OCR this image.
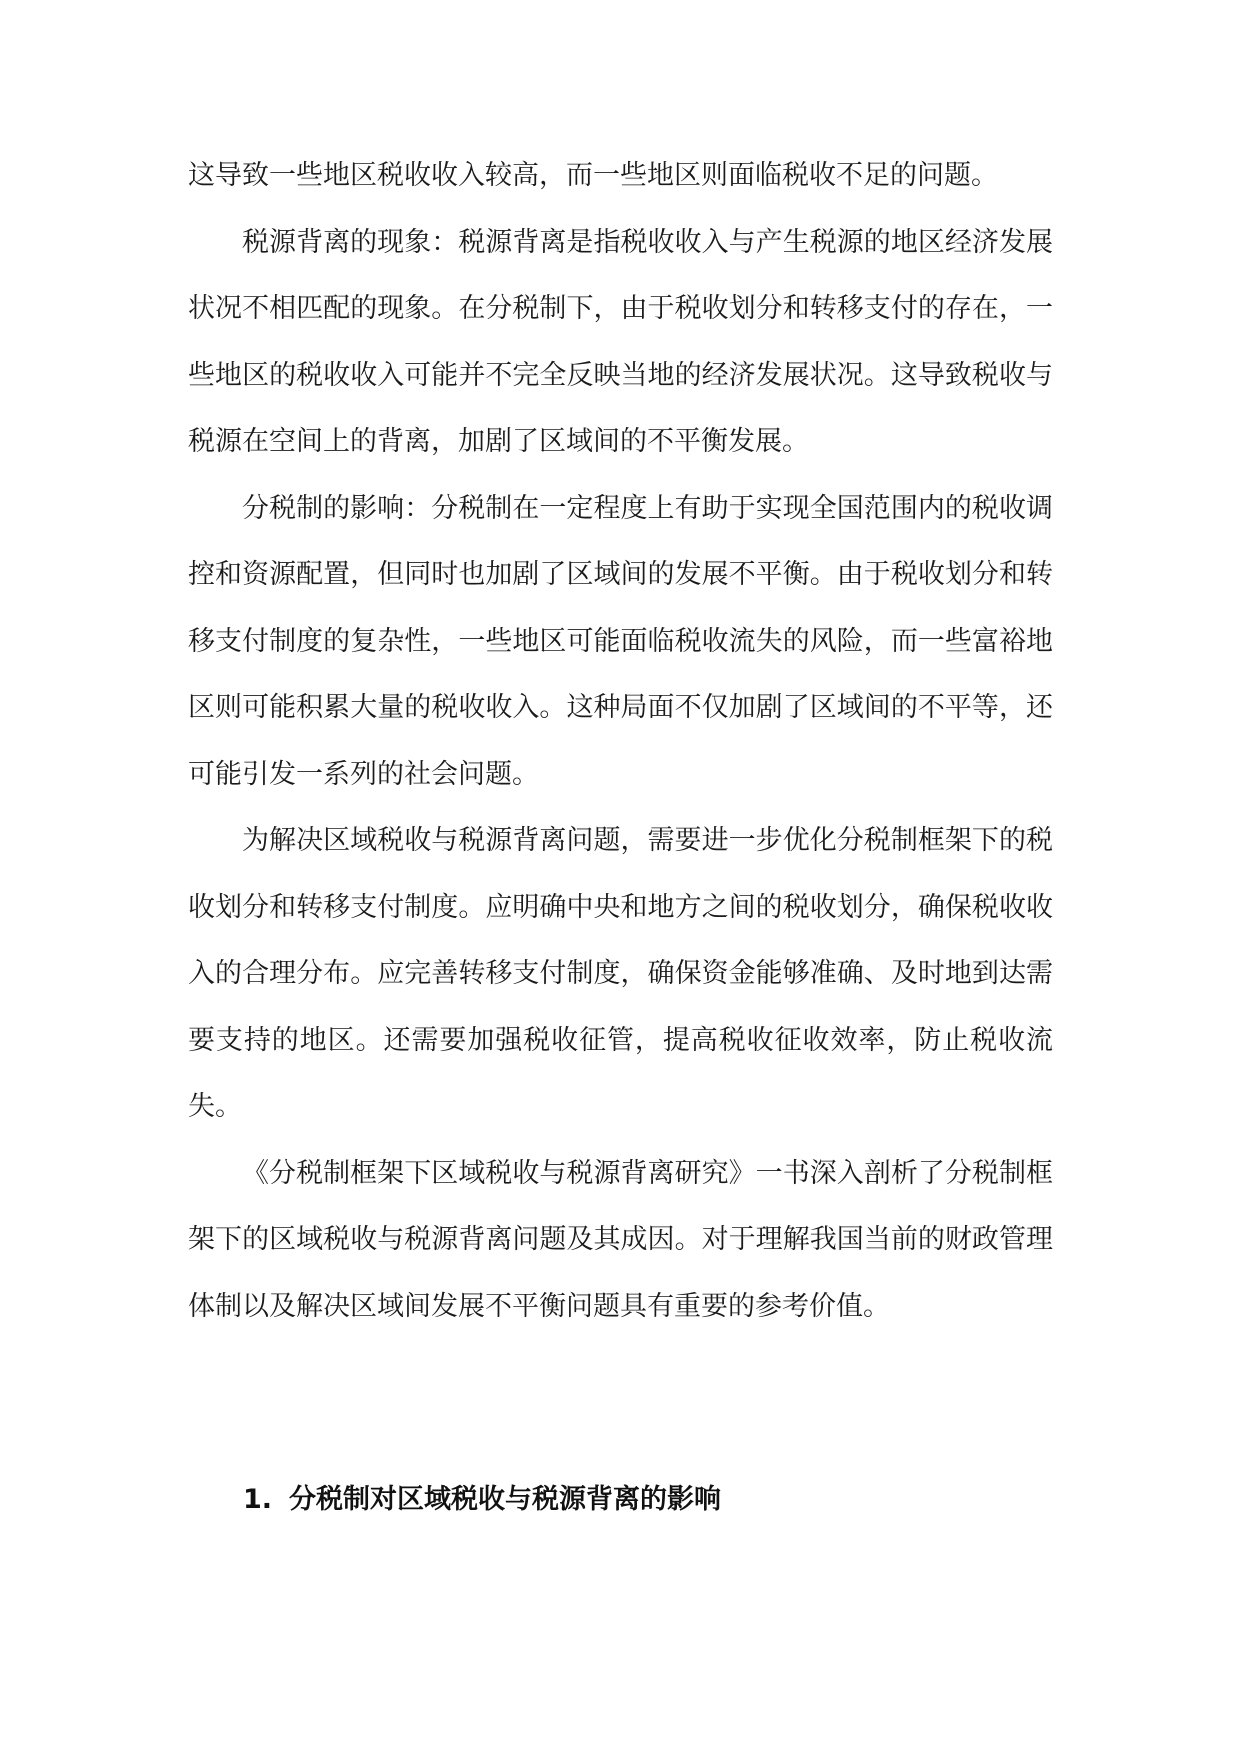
这导致一些地区税收收入较高，而一些地区则面临税收不足的问题。

税源背离的现象：税源背离是指税收收入与产生税源的地区经济发展状况不相匹配的现象。在分税制下，由于税收划分和转移支付的存在，一些地区的税收收入可能并不完全反映当地的经济发展状况。这导致税收与税源在空间上的背离，加剧了区域间的不平衡发展。

分税制的影响：分税制在一定程度上有助于实现全国范围内的税收调控和资源配置，但同时也加剧了区域间的发展不平衡。由于税收划分和转移支付制度的复杂性，一些地区可能面临税收流失的风险，而一些富裕地区则可能积累大量的税收收入。这种局面不仅加剧了区域间的不平等，还可能引发一系列的社会问题。

为解决区域税收与税源背离问题，需要进一步优化分税制框架下的税收划分和转移支付制度。应明确中央和地方之间的税收划分，确保税收收入的合理分布。应完善转移支付制度，确保资金能够准确、及时地到达需要支持的地区。还需要加强税收征管，提高税收征收效率，防止税收流失。

《分税制框架下区域税收与税源背离研究》一书深入剖析了分税制框架下的区域税收与税源背离问题及其成因。对于理解我国当前的财政管理体制以及解决区域间发展不平衡问题具有重要的参考价值。

1. 分税制对区域税收与税源背离的影响
